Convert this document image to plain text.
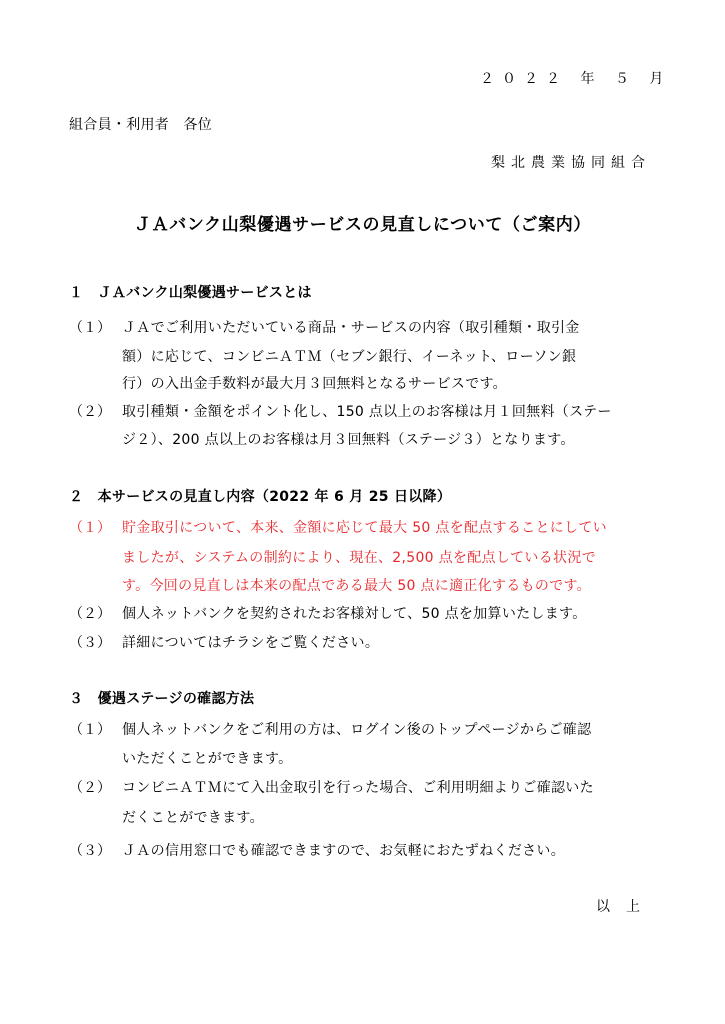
２０２２ 年 ５ 月
組合員・利用者　各位
梨北農業協同組合
ＪＡバンク山梨優遇サービスの見直しについて（ご案内）
１　ＪＡバンク山梨優遇サービスとは
（１） ＪＡでご利用いただいている商品・サービスの内容（取引種類・取引金
額）に応じて、コンビニＡＴＭ（セブン銀行、イーネット、ローソン銀
行）の入出金手数料が最大月３回無料となるサービスです。
（２） 取引種類・金額をポイント化し、150 点以上のお客様は月１回無料（ステー
ジ２）、200 点以上のお客様は月３回無料（ステージ３）となります。
２　本サービスの見直し内容（2022 年 6 月 25 日以降）
（１） 貯金取引について、本来、金額に応じて最大 50 点を配点することにしてい
ましたが、システムの制約により、現在、2,500 点を配点している状況で
す。今回の見直しは本来の配点である最大 50 点に適正化するものです。
（２） 個人ネットバンクを契約されたお客様対して、50 点を加算いたします。
（３） 詳細についてはチラシをご覧ください。
３　優遇ステージの確認方法
（１） 個人ネットバンクをご利用の方は、ログイン後のトップページからご確認
いただくことができます。
（２） コンビニＡＴＭにて入出金取引を行った場合、ご利用明細よりご確認いた
だくことができます。
（３） ＪＡの信用窓口でも確認できますので、お気軽におたずねください。
以上
